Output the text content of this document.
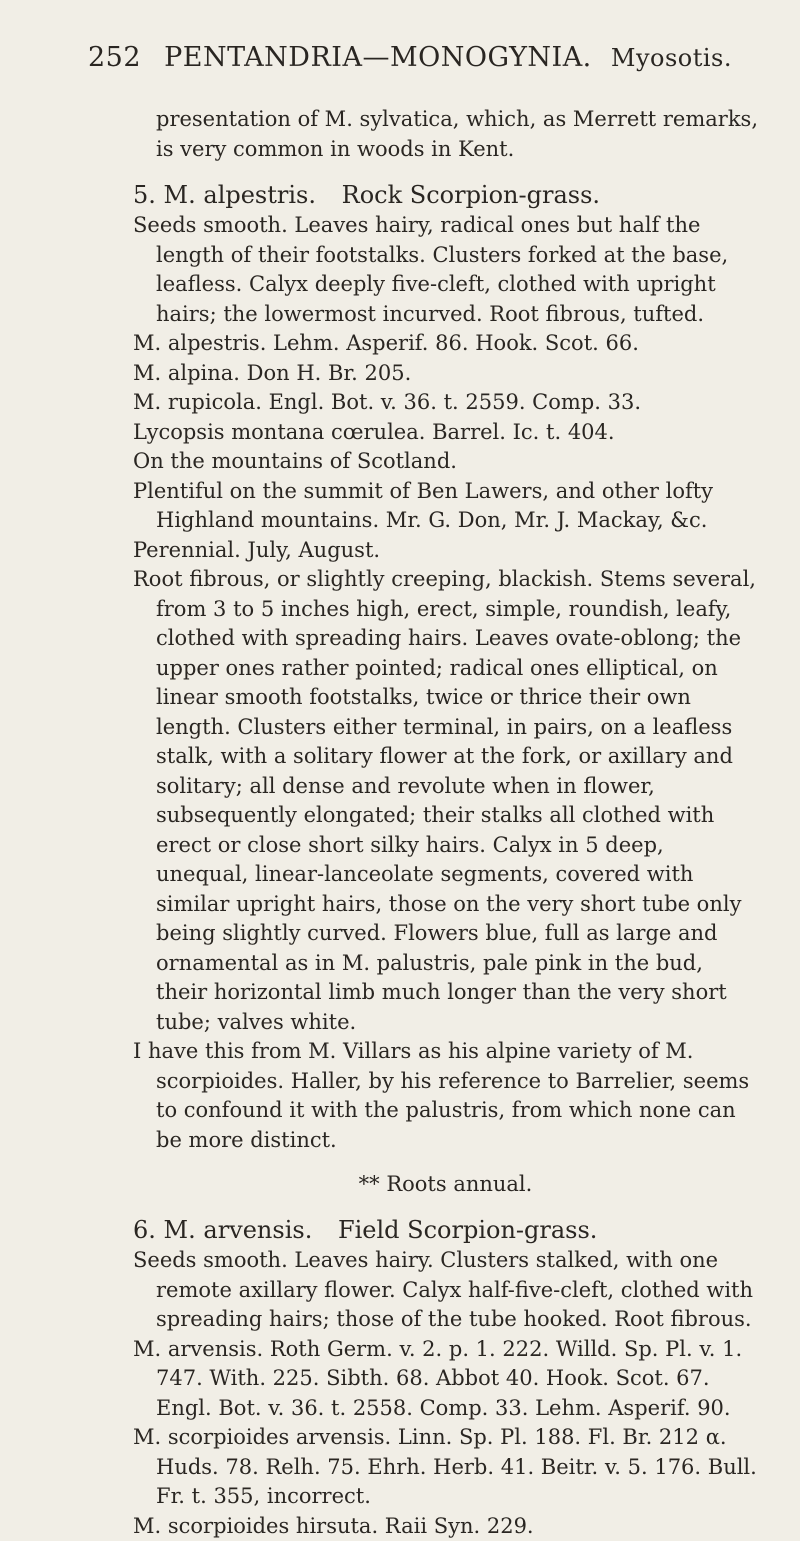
252 PENTANDRIA—MONOGYNIA. Myosotis.

presentation of M. sylvatica, which, as Merrett remarks, is very common in woods in Kent.

5. M. alpestris. Rock Scorpion-grass.

Seeds smooth. Leaves hairy, radical ones but half the length of their footstalks. Clusters forked at the base, leafless. Calyx deeply five-cleft, clothed with upright hairs; the lowermost incurved. Root fibrous, tufted.

M. alpestris. Lehm. Asperif. 86. Hook. Scot. 66.

M. alpina. Don H. Br. 205.

M. rupicola. Engl. Bot. v. 36. t. 2559. Comp. 33.

Lycopsis montana cœrulea. Barrel. Ic. t. 404.

On the mountains of Scotland.

Plentiful on the summit of Ben Lawers, and other lofty Highland mountains. Mr. G. Don, Mr. J. Mackay, &c.

Perennial. July, August.

Root fibrous, or slightly creeping, blackish. Stems several, from 3 to 5 inches high, erect, simple, roundish, leafy, clothed with spreading hairs. Leaves ovate-oblong; the upper ones rather pointed; radical ones elliptical, on linear smooth footstalks, twice or thrice their own length. Clusters either terminal, in pairs, on a leafless stalk, with a solitary flower at the fork, or axillary and solitary; all dense and revolute when in flower, subsequently elongated; their stalks all clothed with erect or close short silky hairs. Calyx in 5 deep, unequal, linear-lanceolate segments, covered with similar upright hairs, those on the very short tube only being slightly curved. Flowers blue, full as large and ornamental as in M. palustris, pale pink in the bud, their horizontal limb much longer than the very short tube; valves white.

I have this from M. Villars as his alpine variety of M. scorpioides. Haller, by his reference to Barrelier, seems to confound it with the palustris, from which none can be more distinct.

** Roots annual.

6. M. arvensis. Field Scorpion-grass.

Seeds smooth. Leaves hairy. Clusters stalked, with one remote axillary flower. Calyx half-five-cleft, clothed with spreading hairs; those of the tube hooked. Root fibrous.

M. arvensis. Roth Germ. v. 2. p. 1. 222. Willd. Sp. Pl. v. 1. 747. With. 225. Sibth. 68. Abbot 40. Hook. Scot. 67. Engl. Bot. v. 36. t. 2558. Comp. 33. Lehm. Asperif. 90.

M. scorpioides arvensis. Linn. Sp. Pl. 188. Fl. Br. 212 α. Huds. 78. Relh. 75. Ehrh. Herb. 41. Beitr. v. 5. 176. Bull. Fr. t. 355, incorrect.

M. scorpioides hirsuta. Raii Syn. 229.
